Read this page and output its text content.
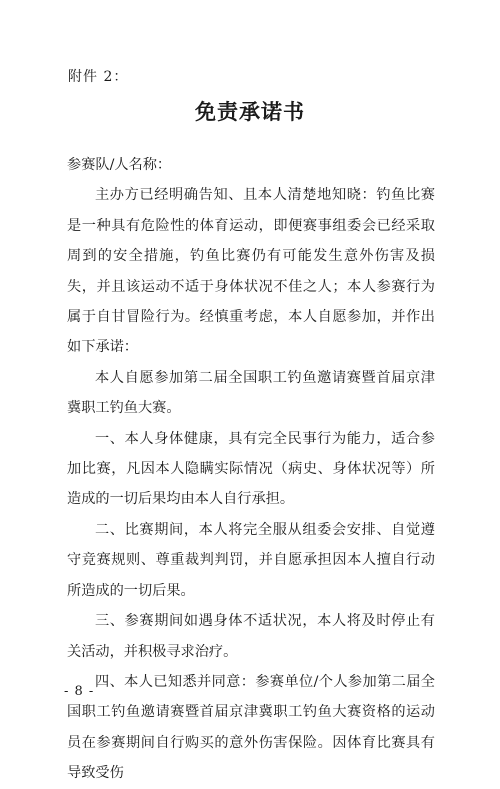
附件 2：
免责承诺书

参赛队/人名称：

主办方已经明确告知、且本人清楚地知晓：钓鱼比赛是一种具有危险性的体育运动，即便赛事组委会已经采取周到的安全措施，钓鱼比赛仍有可能发生意外伤害及损失，并且该运动不适于身体状况不佳之人；本人参赛行为属于自甘冒险行为。经慎重考虑，本人自愿参加，并作出如下承诺：

本人自愿参加第二届全国职工钓鱼邀请赛暨首届京津冀职工钓鱼大赛。

一、本人身体健康，具有完全民事行为能力，适合参加比赛，凡因本人隐瞒实际情况（病史、身体状况等）所造成的一切后果均由本人自行承担。

二、比赛期间，本人将完全服从组委会安排、自觉遵守竞赛规则、尊重裁判判罚，并自愿承担因本人擅自行动所造成的一切后果。

三、参赛期间如遇身体不适状况，本人将及时停止有关活动，并积极寻求治疗。

四、本人已知悉并同意：参赛单位/个人参加第二届全国职工钓鱼邀请赛暨首届京津冀职工钓鱼大赛资格的运动员在参赛期间自行购买的意外伤害保险。因体育比赛具有导致受伤

- 8 -
